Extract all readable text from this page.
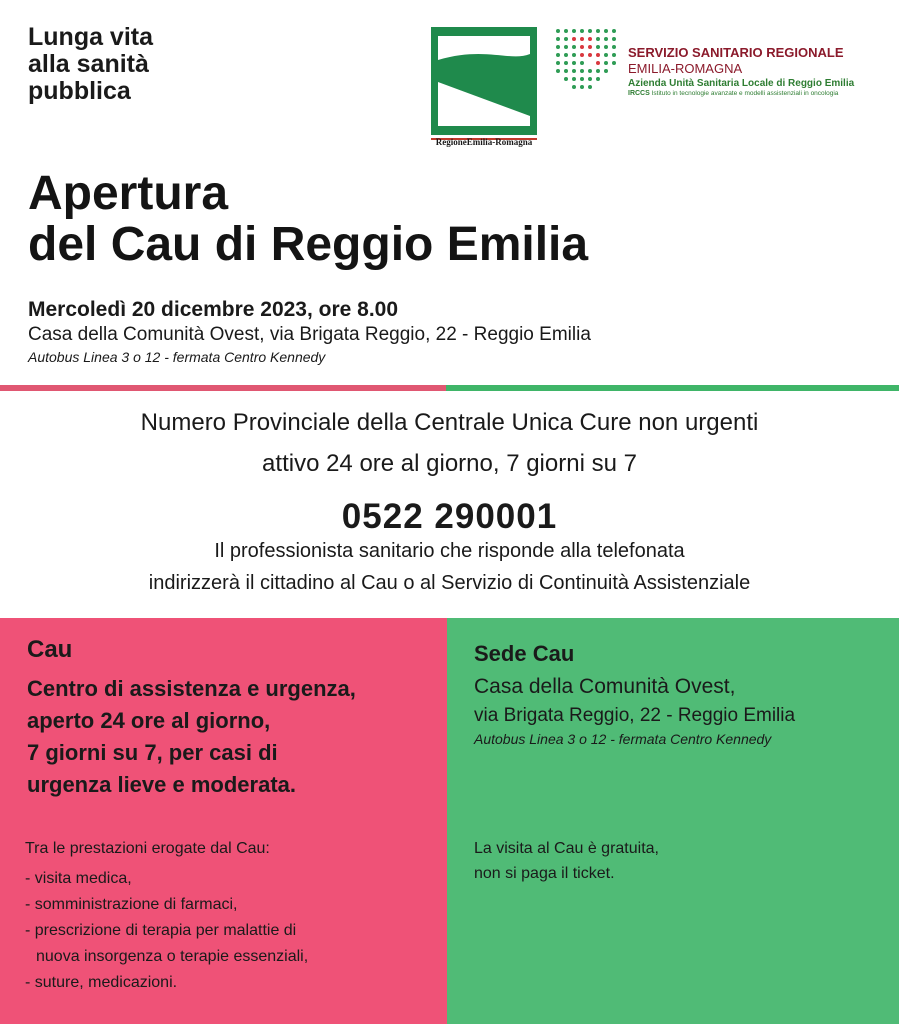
Lunga vita
alla sanità
pubblica
RegioneEmilia-Romagna
SERVIZIO SANITARIO REGIONALE
EMILIA-ROMAGNA
Azienda Unità Sanitaria Locale di Reggio Emilia
IRCCS Istituto in tecnologie avanzate e modelli assistenziali in oncologia
Apertura
del Cau di Reggio Emilia
Mercoledì 20 dicembre 2023, ore 8.00
Casa della Comunità Ovest, via Brigata Reggio, 22 - Reggio Emilia
Autobus Linea 3 o 12 - fermata Centro Kennedy
Numero Provinciale della Centrale Unica Cure non urgenti
attivo 24 ore al giorno, 7 giorni su 7
0522 290001
Il professionista sanitario che risponde alla telefonata
indirizzerà il cittadino al Cau o al Servizio di Continuità Assistenziale
Cau
Centro di assistenza e urgenza,
aperto 24 ore al giorno,
7 giorni su 7, per casi di
urgenza lieve e moderata.
Tra le prestazioni erogate dal Cau:
- visita medica,
- somministrazione di farmaci,
- prescrizione di terapia per malattie di
nuova insorgenza o terapie essenziali,
- suture, medicazioni.
Sede Cau
Casa della Comunità Ovest,
via Brigata Reggio, 22 - Reggio Emilia
Autobus Linea 3 o 12 - fermata Centro Kennedy
La visita al Cau è gratuita,
non si paga il ticket.
